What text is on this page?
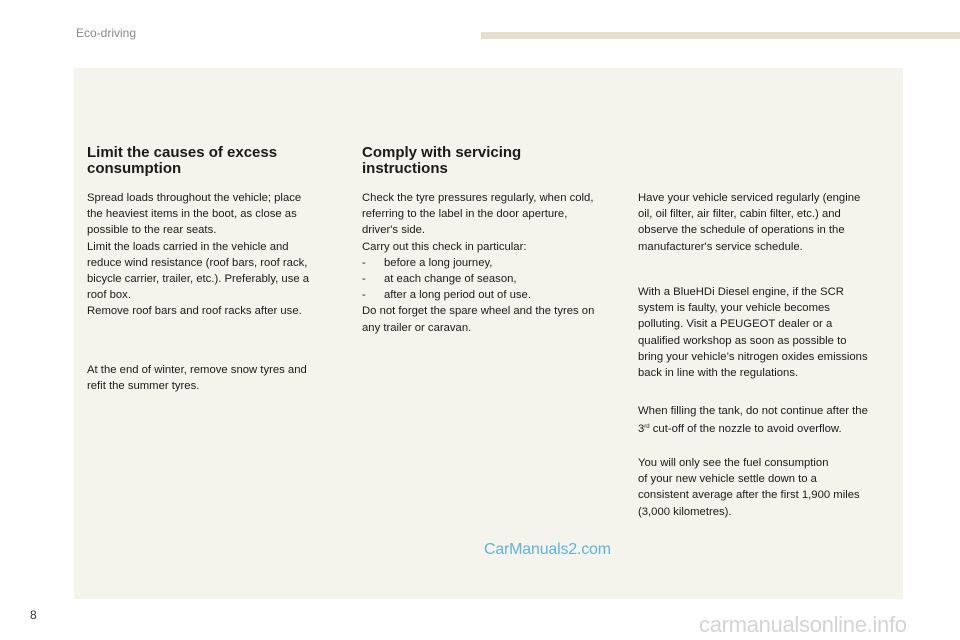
Eco-driving
Limit the causes of excess
consumption

Spread loads throughout the vehicle; place
the heaviest items in the boot, as close as
possible to the rear seats.
Limit the loads carried in the vehicle and
reduce wind resistance (roof bars, roof rack,
bicycle carrier, trailer, etc.). Preferably, use a
roof box.
Remove roof bars and roof racks after use.

At the end of winter, remove snow tyres and
refit the summer tyres.

Comply with servicing
instructions
Check the tyre pressures regularly, when cold,
referring to the label in the door aperture,
driver's side.
Carry out this check in particular:
- before a long journey,
- at each change of season,
- after a long period out of use.
Do not forget the spare wheel and the tyres on
any trailer or caravan.

Have your vehicle serviced regularly (engine
oil, oil filter, air filter, cabin filter, etc.) and
observe the schedule of operations in the
manufacturer's service schedule.

With a BlueHDi Diesel engine, if the SCR
system is faulty, your vehicle becomes
polluting. Visit a PEUGEOT dealer or a
qualified workshop as soon as possible to
bring your vehicle’s nitrogen oxides emissions
back in line with the regulations.

When filling the tank, do not continue after the
3rd cut-off of the nozzle to avoid overflow.

You will only see the fuel consumption
of your new vehicle settle down to a
consistent average after the first 1,900 miles
(3,000 kilometres).

CarManuals2.com
8	carmanualsonline.info
